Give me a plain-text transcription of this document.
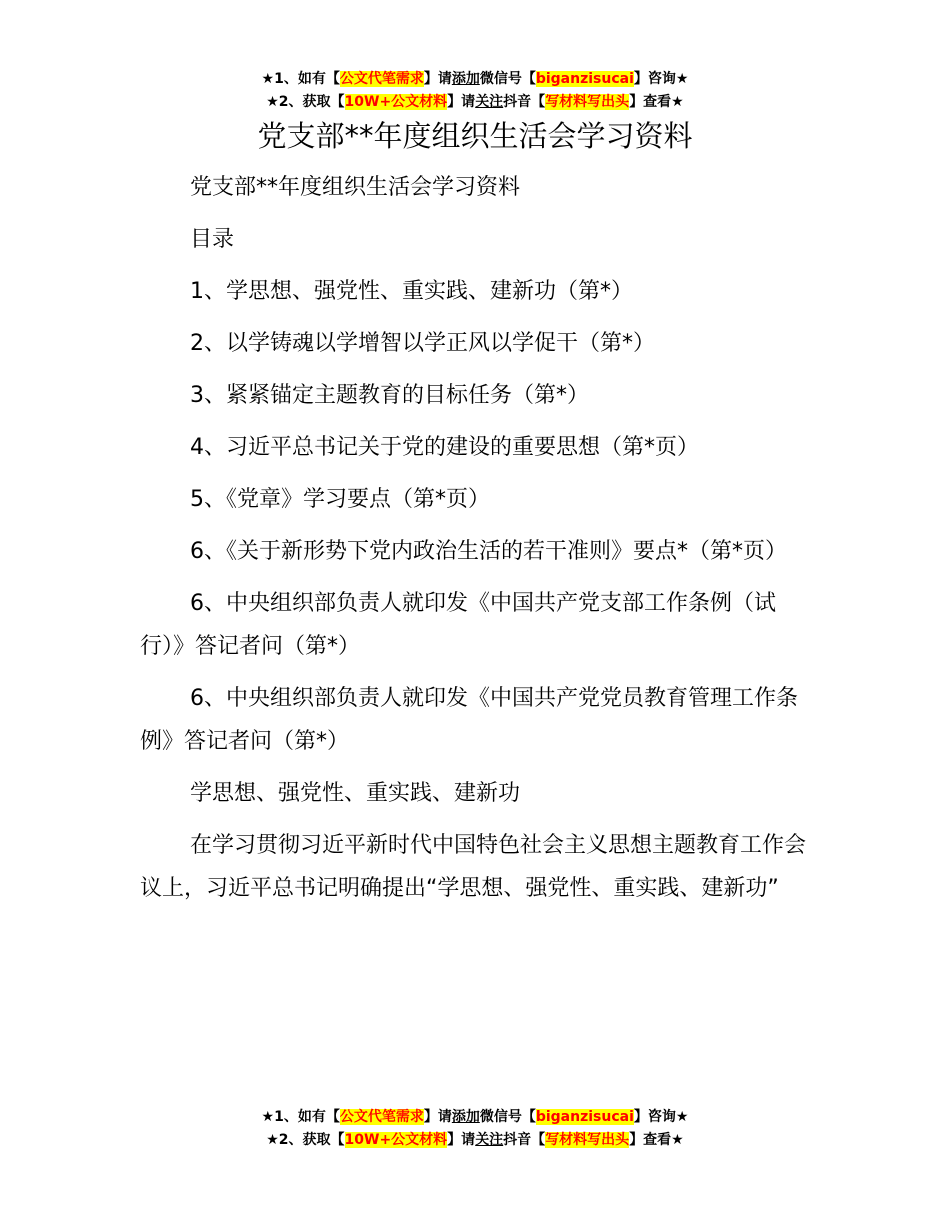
★1、如有【公文代笔需求】请添加微信号【biganzisucai】咨询★
★2、获取【10W+公文材料】请关注抖音【写材料写出头】查看★
党支部**年度组织生活会学习资料

党支部**年度组织生活会学习资料

目录

1、学思想、强党性、重实践、建新功（第*）

2、以学铸魂以学增智以学正风以学促干（第*）

3、紧紧锚定主题教育的目标任务（第*）

4、习近平总书记关于党的建设的重要思想（第*页）

5、《党章》学习要点（第*页）

6、《关于新形势下党内政治生活的若干准则》要点*（第*页）

6、中央组织部负责人就印发《中国共产党支部工作条例（试行）》答记者问（第*）

6、中央组织部负责人就印发《中国共产党党员教育管理工作条例》答记者问（第*）

学思想、强党性、重实践、建新功

在学习贯彻习近平新时代中国特色社会主义思想主题教育工作会议上，习近平总书记明确提出“学思想、强党性、重实践、建新功”

★1、如有【公文代笔需求】请添加微信号【biganzisucai】咨询★
★2、获取【10W+公文材料】请关注抖音【写材料写出头】查看★
